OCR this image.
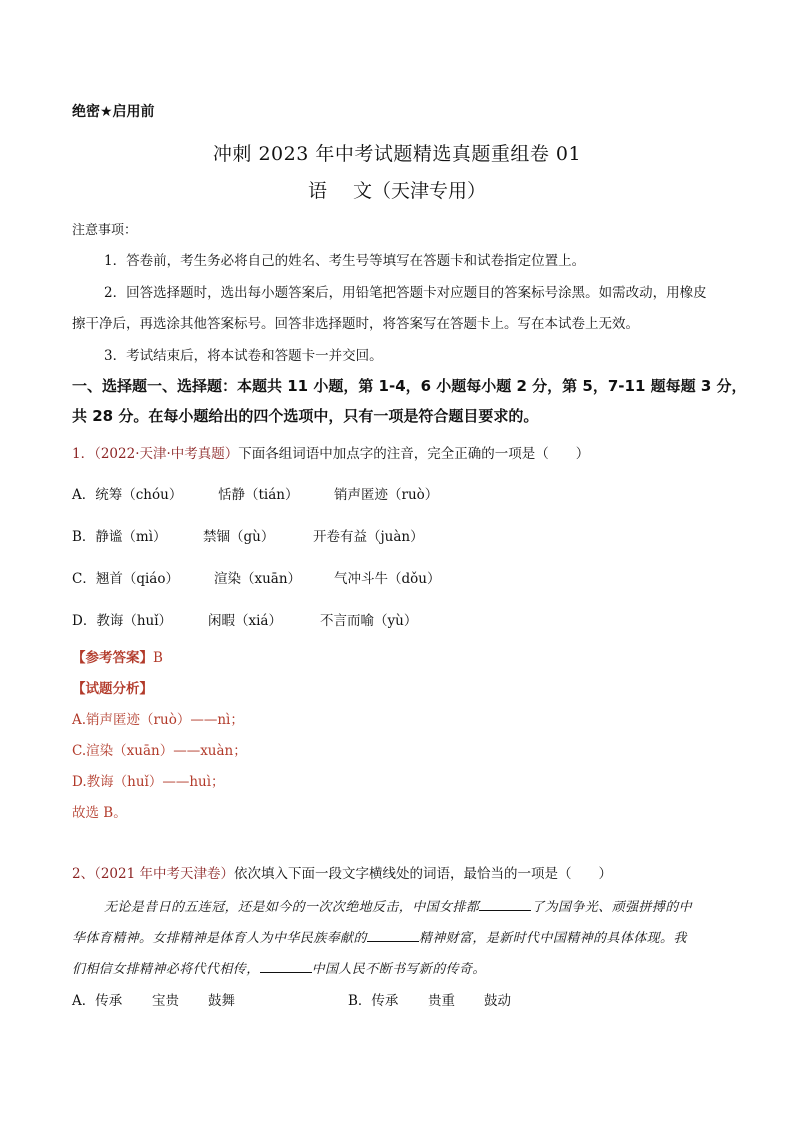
绝密★启用前
冲刺 2023 年中考试题精选真题重组卷 01
语 文（天津专用）
注意事项：
1．答卷前，考生务必将自己的姓名、考生号等填写在答题卡和试卷指定位置上。
2．回答选择题时，选出每小题答案后，用铅笔把答题卡对应题目的答案标号涂黑。如需改动，用橡皮
擦干净后，再选涂其他答案标号。回答非选择题时，将答案写在答题卡上。写在本试卷上无效。
3．考试结束后，将本试卷和答题卡一并交回。
一、选择题一、选择题：本题共 11 小题，第 1-4，6 小题每小题 2 分，第 5，7-11 题每题 3 分，
共 28 分。在每小题给出的四个选项中，只有一项是符合题目要求的。
1．（2022·天津·中考真题）下面各组词语中加点字的注音，完全正确的一项是（　　）
A．统筹（chóu）	恬静（tián）	销声匿迹（ruò）
B．静谧（mì）	禁锢（gù）	开卷有益（juàn）
C．翘首（qiáo）	渲染（xuān） 气冲斗牛（dǒu）
D．教诲（huǐ）	闲暇（xiá）	不言而喻（yù）
【参考答案】B
【试题分析】
A.销声匿迹（ruò）——nì；
C.渲染（xuān）——xuàn；
D.教诲（huǐ）——huì；
故选 B。
2、（2021 年中考天津卷）依次填入下面一段文字横线处的词语，最恰当的一项是（　　）
无论是昔日的五连冠，还是如今的一次次绝地反击，中国女排都	了为国争光、顽强拼搏的中
华体育精神。女排精神是体育人为中华民族奉献的	精神财富，是新时代中国精神的具体体现。我
们相信女排精神必将代代相传，	中国人民不断书写新的传奇。
A．传承 宝贵 鼓舞	B．传承 贵重 鼓动
